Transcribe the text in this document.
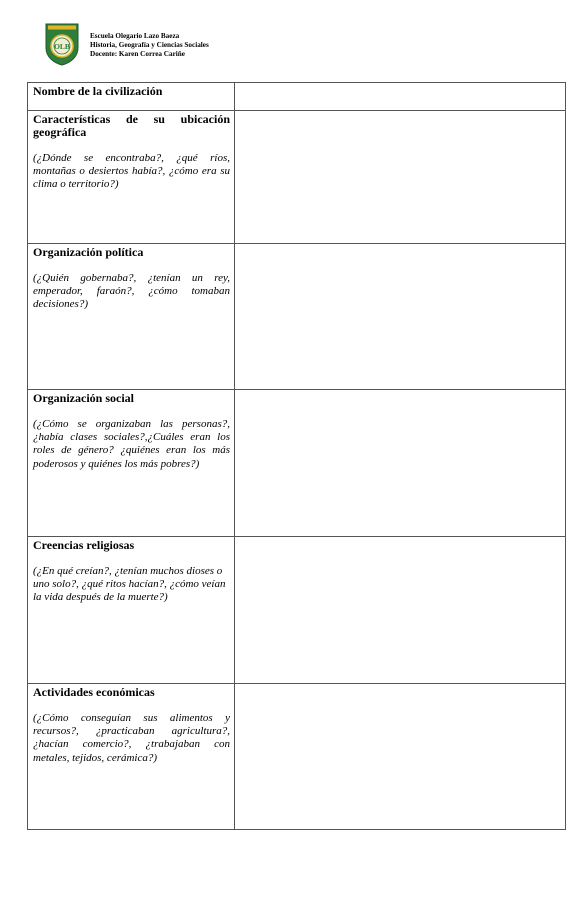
OLB
Escuela Olegario Lazo Baeza
Historia, Geografía y Ciencias Sociales
Docente: Karen Correa Cariñe
Nombre de la civilización	

Características de su ubicación geográfica
(¿Dónde se encontraba?, ¿qué ríos, montañas o desiertos había?, ¿cómo era su clima o territorio?)	

Organización política
(¿Quién gobernaba?, ¿tenían un rey, emperador, faraón?, ¿cómo tomaban decisiones?)	

Organización social
(¿Cómo se organizaban las personas?, ¿había clases sociales?,¿Cuáles eran los roles de género? ¿quiénes eran los más poderosos y quiénes los más pobres?)	

Creencias religiosas
(¿En qué creían?, ¿tenían muchos dioses o uno solo?, ¿qué ritos hacían?, ¿cómo veían la vida después de la muerte?)	

Actividades económicas
(¿Cómo conseguían sus alimentos y recursos?, ¿practicaban agricultura?, ¿hacían comercio?, ¿trabajaban con metales, tejidos, cerámica?)	
